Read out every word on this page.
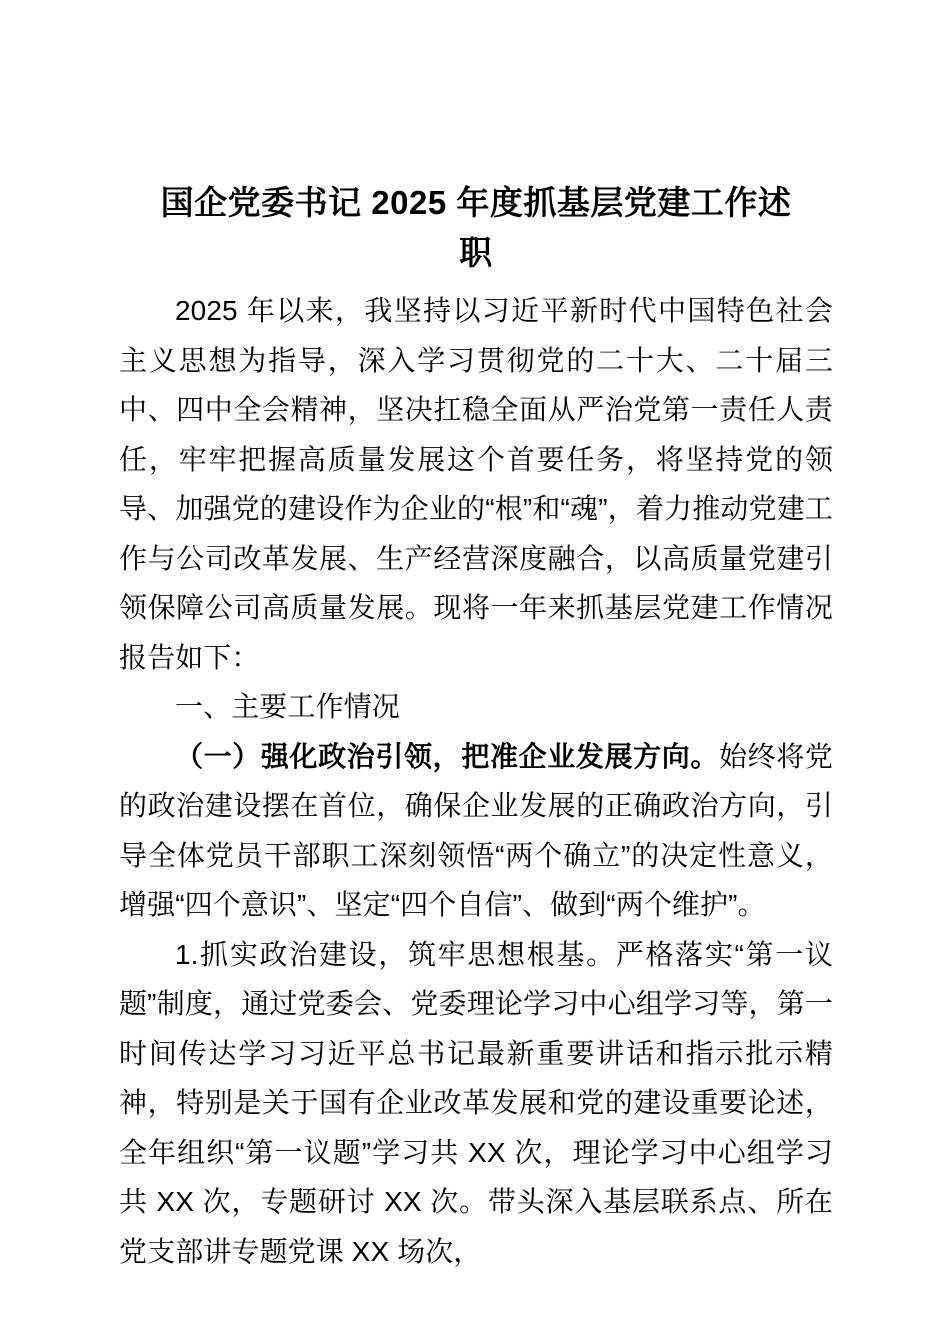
国企党委书记 2025 年度抓基层党建工作述职

2025 年以来，我坚持以习近平新时代中国特色社会主义思想为指导，深入学习贯彻党的二十大、二十届三中、四中全会精神，坚决扛稳全面从严治党第一责任人责任，牢牢把握高质量发展这个首要任务，将坚持党的领导、加强党的建设作为企业的“根”和“魂”，着力推动党建工作与公司改革发展、生产经营深度融合，以高质量党建引领保障公司高质量发展。现将一年来抓基层党建工作情况报告如下：

一、主要工作情况

（一）强化政治引领，把准企业发展方向。始终将党的政治建设摆在首位，确保企业发展的正确政治方向，引导全体党员干部职工深刻领悟“两个确立”的决定性意义，增强“四个意识”、坚定“四个自信”、做到“两个维护”。

1.抓实政治建设，筑牢思想根基。严格落实“第一议题”制度，通过党委会、党委理论学习中心组学习等，第一时间传达学习习近平总书记最新重要讲话和指示批示精神，特别是关于国有企业改革发展和党的建设重要论述，全年组织“第一议题”学习共 XX 次，理论学习中心组学习共 XX 次，专题研讨 XX 次。带头深入基层联系点、所在党支部讲专题党课 XX 场次，
